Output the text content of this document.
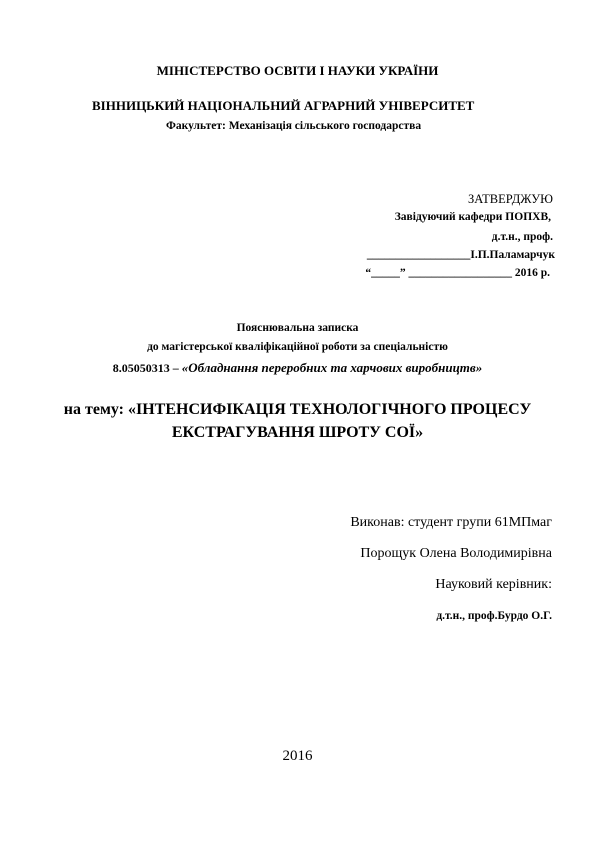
МІНІСТЕРСТВО ОСВІТИ І НАУКИ УКРАЇНИ
ВІННИЦЬКИЙ НАЦІОНАЛЬНИЙ АГРАРНИЙ УНІВЕРСИТЕТ
Факультет: Механізація сільського господарства
ЗАТВЕРДЖУЮ
Завідуючий кафедри ПОПХВ,
д.т.н., проф.
__________________І.П.Паламарчук
“_____” __________________ 2016 р.
Пояснювальна записка
до магістерської кваліфікаційної роботи за спеціальністю
8.05050313 – «Обладнання переробних та харчових виробництв»
на тему: «ІНТЕНСИФІКАЦІЯ ТЕХНОЛОГІЧНОГО ПРОЦЕСУ
ЕКСТРАГУВАННЯ ШРОТУ СОЇ»
Виконав: студент групи 61МПмаг
Порощук Олена Володимирівна
Науковий керівник:
д.т.н., проф.Бурдо О.Г.
2016
